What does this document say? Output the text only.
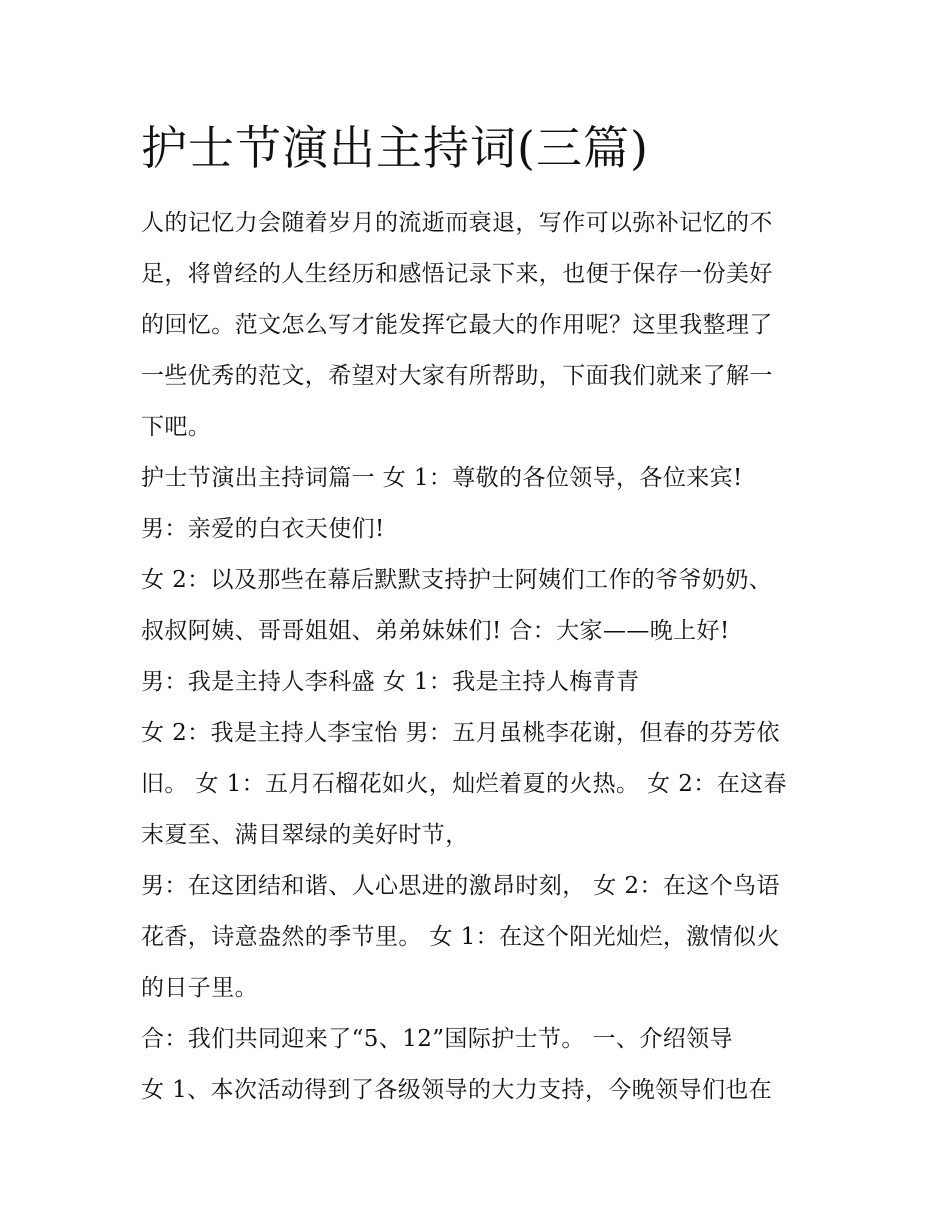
护士节演出主持词(三篇)

人的记忆力会随着岁月的流逝而衰退，写作可以弥补记忆的不

足，将曾经的人生经历和感悟记录下来，也便于保存一份美好

的回忆。范文怎么写才能发挥它最大的作用呢？这里我整理了

一些优秀的范文，希望对大家有所帮助，下面我们就来了解一

下吧。

护士节演出主持词篇一 女 1：尊敬的各位领导，各位来宾!

男：亲爱的白衣天使们!

女 2：以及那些在幕后默默支持护士阿姨们工作的爷爷奶奶、

叔叔阿姨、哥哥姐姐、弟弟妹妹们! 合：大家——晚上好!

男：我是主持人李科盛 女 1：我是主持人梅青青

女 2：我是主持人李宝怡 男：五月虽桃李花谢，但春的芬芳依

旧。 女 1：五月石榴花如火，灿烂着夏的火热。 女 2：在这春

末夏至、满目翠绿的美好时节，

男：在这团结和谐、人心思进的激昂时刻， 女 2：在这个鸟语

花香，诗意盎然的季节里。 女 1：在这个阳光灿烂，激情似火

的日子里。

合：我们共同迎来了“5、12”国际护士节。 一、介绍领导

女 1、本次活动得到了各级领导的大力支持，今晚领导们也在
